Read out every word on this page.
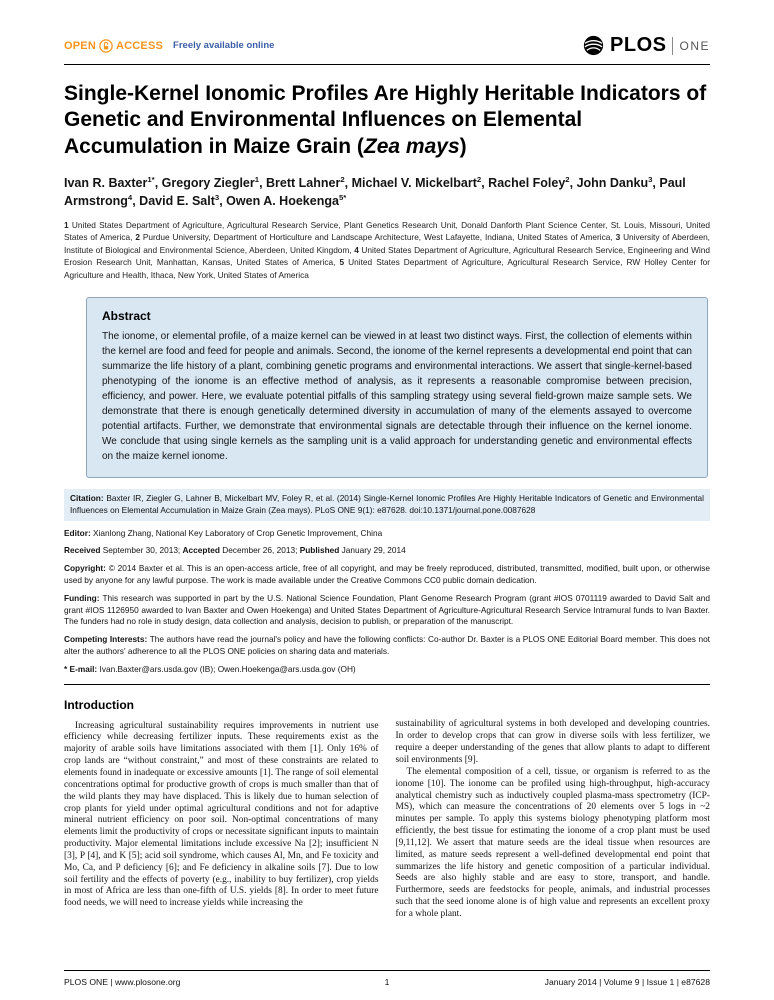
OPEN ACCESS Freely available online	PLOS ONE
Single-Kernel Ionomic Profiles Are Highly Heritable Indicators of Genetic and Environmental Influences on Elemental Accumulation in Maize Grain (Zea mays)
Ivan R. Baxter$^{1*}$, Gregory Ziegler$^1$, Brett Lahner$^2$, Michael V. Mickelbart$^2$, Rachel Foley$^2$, John Danku$^3$, Paul Armstrong$^4$, David E. Salt$^3$, Owen A. Hoekenga$^{5*}$

1 United States Department of Agriculture, Agricultural Research Service, Plant Genetics Research Unit, Donald Danforth Plant Science Center, St. Louis, Missouri, United States of America, 2 Purdue University, Department of Horticulture and Landscape Architecture, West Lafayette, Indiana, United States of America, 3 University of Aberdeen, Institute of Biological and Environmental Science, Aberdeen, United Kingdom, 4 United States Department of Agriculture, Agricultural Research Service, Engineering and Wind Erosion Research Unit, Manhattan, Kansas, United States of America, 5 United States Department of Agriculture, Agricultural Research Service, RW Holley Center for Agriculture and Health, Ithaca, New York, United States of America

Abstract

The ionome, or elemental profile, of a maize kernel can be viewed in at least two distinct ways. First, the collection of elements within the kernel are food and feed for people and animals. Second, the ionome of the kernel represents a developmental end point that can summarize the life history of a plant, combining genetic programs and environmental interactions. We assert that single-kernel-based phenotyping of the ionome is an effective method of analysis, as it represents a reasonable compromise between precision, efficiency, and power. Here, we evaluate potential pitfalls of this sampling strategy using several field-grown maize sample sets. We demonstrate that there is enough genetically determined diversity in accumulation of many of the elements assayed to overcome potential artifacts. Further, we demonstrate that environmental signals are detectable through their influence on the kernel ionome. We conclude that using single kernels as the sampling unit is a valid approach for understanding genetic and environmental effects on the maize kernel ionome.

Citation: Baxter IR, Ziegler G, Lahner B, Mickelbart MV, Foley R, et al. (2014) Single-Kernel Ionomic Profiles Are Highly Heritable Indicators of Genetic and Environmental Influences on Elemental Accumulation in Maize Grain (Zea mays). PLoS ONE 9(1): e87628. doi:10.1371/journal.pone.0087628

Editor: Xianlong Zhang, National Key Laboratory of Crop Genetic Improvement, China

Received September 30, 2013; Accepted December 26, 2013; Published January 29, 2014

Copyright: © 2014 Baxter et al. This is an open-access article, free of all copyright, and may be freely reproduced, distributed, transmitted, modified, built upon, or otherwise used by anyone for any lawful purpose. The work is made available under the Creative Commons CC0 public domain dedication.

Funding: This research was supported in part by the U.S. National Science Foundation, Plant Genome Research Program (grant #IOS 0701119 awarded to David Salt and grant #IOS 1126950 awarded to Ivan Baxter and Owen Hoekenga) and United States Department of Agriculture-Agricultural Research Service Intramural funds to Ivan Baxter. The funders had no role in study design, data collection and analysis, decision to publish, or preparation of the manuscript.

Competing Interests: The authors have read the journal's policy and have the following conflicts: Co-author Dr. Baxter is a PLOS ONE Editorial Board member. This does not alter the authors' adherence to all the PLOS ONE policies on sharing data and materials.

* E-mail: Ivan.Baxter@ars.usda.gov (IB); Owen.Hoekenga@ars.usda.gov (OH)

Introduction

Increasing agricultural sustainability requires improvements in nutrient use efficiency while decreasing fertilizer inputs. These requirements exist as the majority of arable soils have limitations associated with them [1]. Only 16% of crop lands are “without constraint,” and most of these constraints are related to elements found in inadequate or excessive amounts [1]. The range of soil elemental concentrations optimal for productive growth of crops is much smaller than that of the wild plants they may have displaced. This is likely due to human selection of crop plants for yield under optimal agricultural conditions and not for adaptive mineral nutrient efficiency on poor soil. Non-optimal concentrations of many elements limit the productivity of crops or necessitate significant inputs to maintain productivity. Major elemental limitations include excessive Na [2]; insufficient N [3], P [4], and K [5]; acid soil syndrome, which causes Al, Mn, and Fe toxicity and Mo, Ca, and P deficiency [6]; and Fe deficiency in alkaline soils [7]. Due to low soil fertility and the effects of poverty (e.g., inability to buy fertilizer), crop yields in most of Africa are less than one-fifth of U.S. yields [8]. In order to meet future food needs, we will need to increase yields while increasing the

sustainability of agricultural systems in both developed and developing countries. In order to develop crops that can grow in diverse soils with less fertilizer, we require a deeper understanding of the genes that allow plants to adapt to different soil environments [9].

The elemental composition of a cell, tissue, or organism is referred to as the ionome [10]. The ionome can be profiled using high-throughput, high-accuracy analytical chemistry such as inductively coupled plasma-mass spectrometry (ICP-MS), which can measure the concentrations of 20 elements over 5 logs in ~2 minutes per sample. To apply this systems biology phenotyping platform most efficiently, the best tissue for estimating the ionome of a crop plant must be used [9,11,12]. We assert that mature seeds are the ideal tissue when resources are limited, as mature seeds represent a well-defined developmental end point that summarizes the life history and genetic composition of a particular individual. Seeds are also highly stable and are easy to store, transport, and handle. Furthermore, seeds are feedstocks for people, animals, and industrial processes such that the seed ionome alone is of high value and represents an excellent proxy for a whole plant.

PLOS ONE | www.plosone.org	1	January 2014 | Volume 9 | Issue 1 | e87628
